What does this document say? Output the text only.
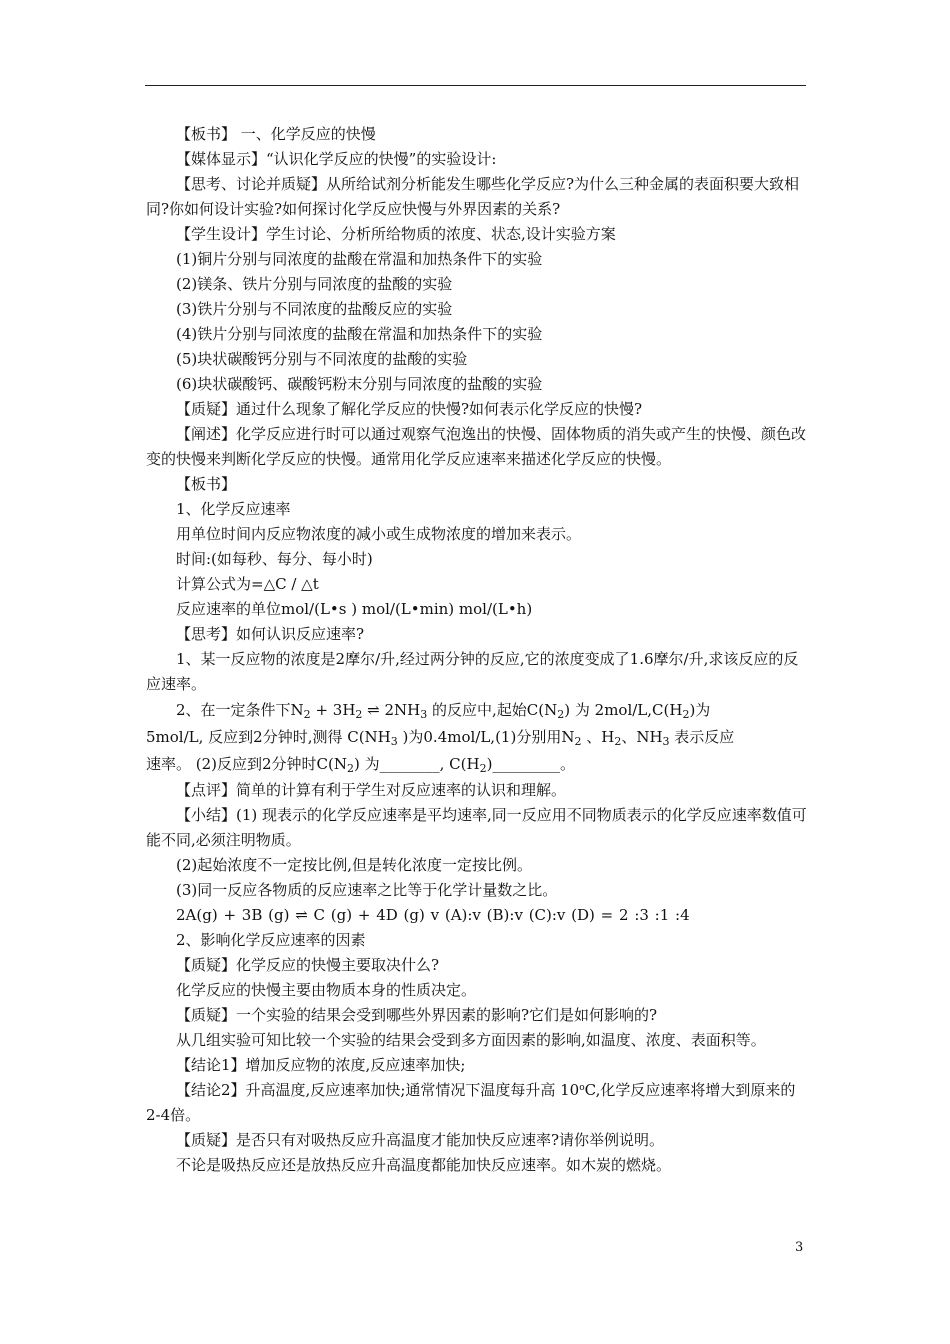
【板书】 一、化学反应的快慢
【媒体显示】“认识化学反应的快慢”的实验设计:
【思考、讨论并质疑】从所给试剂分析能发生哪些化学反应?为什么三种金属的表面积要大致相同?你如何设计实验?如何探讨化学反应快慢与外界因素的关系?
【学生设计】学生讨论、分析所给物质的浓度、状态,设计实验方案
(1)铜片分别与同浓度的盐酸在常温和加热条件下的实验
(2)镁条、铁片分别与同浓度的盐酸的实验
(3)铁片分别与不同浓度的盐酸反应的实验
(4)铁片分别与同浓度的盐酸在常温和加热条件下的实验
(5)块状碳酸钙分别与不同浓度的盐酸的实验
(6)块状碳酸钙、碳酸钙粉末分别与同浓度的盐酸的实验
【质疑】通过什么现象了解化学反应的快慢?如何表示化学反应的快慢?
【阐述】化学反应进行时可以通过观察气泡逸出的快慢、固体物质的消失或产生的快慢、颜色改变的快慢来判断化学反应的快慢。通常用化学反应速率来描述化学反应的快慢。
【板书】
1、化学反应速率
用单位时间内反应物浓度的减小或生成物浓度的增加来表示。
时间:(如每秒、每分、每小时)
计算公式为=△C / △t
反应速率的单位mol/(L•s ) mol/(L•min) mol/(L•h)
【思考】如何认识反应速率?
1、某一反应物的浓度是2摩尔/升,经过两分钟的反应,它的浓度变成了1.6摩尔/升,求该反应的反应速率。
2、在一定条件下$N_2 + 3H_2$ ⇌ $2NH_3$ 的反应中,起始$C(N_2)$ 为 $2mol/L,C(H_2)$为
5mol/L, 反应到2分钟时,测得 $C(NH_3$ )为0.4mol/L,(1)分别用$N_2$ 、$H_2$、$NH_3$ 表示反应
速率。 (2)反应到2分钟时$C(N_2)$ 为________, $C(H_2)\_\_\_\_\_\_\_\_\_$。
【点评】简单的计算有利于学生对反应速率的认识和理解。
【小结】(1) 现表示的化学反应速率是平均速率,同一反应用不同物质表示的化学反应速率数值可能不同,必须注明物质。
(2)起始浓度不一定按比例,但是转化浓度一定按比例。
(3)同一反应各物质的反应速率之比等于化学计量数之比。
2A(g) + 3B (g) ⇌ C (g) + 4D (g) v (A):v (B):v (C):v (D) = 2 :3 :1 :4
2、影响化学反应速率的因素
【质疑】化学反应的快慢主要取决什么?
化学反应的快慢主要由物质本身的性质决定。
【质疑】一个实验的结果会受到哪些外界因素的影响?它们是如何影响的?
从几组实验可知比较一个实验的结果会受到多方面因素的影响,如温度、浓度、表面积等。
【结论1】增加反应物的浓度,反应速率加快;
【结论2】升高温度,反应速率加快;通常情况下温度每升高 10$^o$C,化学反应速率将增大到原来的2-4倍。
【质疑】是否只有对吸热反应升高温度才能加快反应速率?请你举例说明。
不论是吸热反应还是放热反应升高温度都能加快反应速率。如木炭的燃烧。
3
